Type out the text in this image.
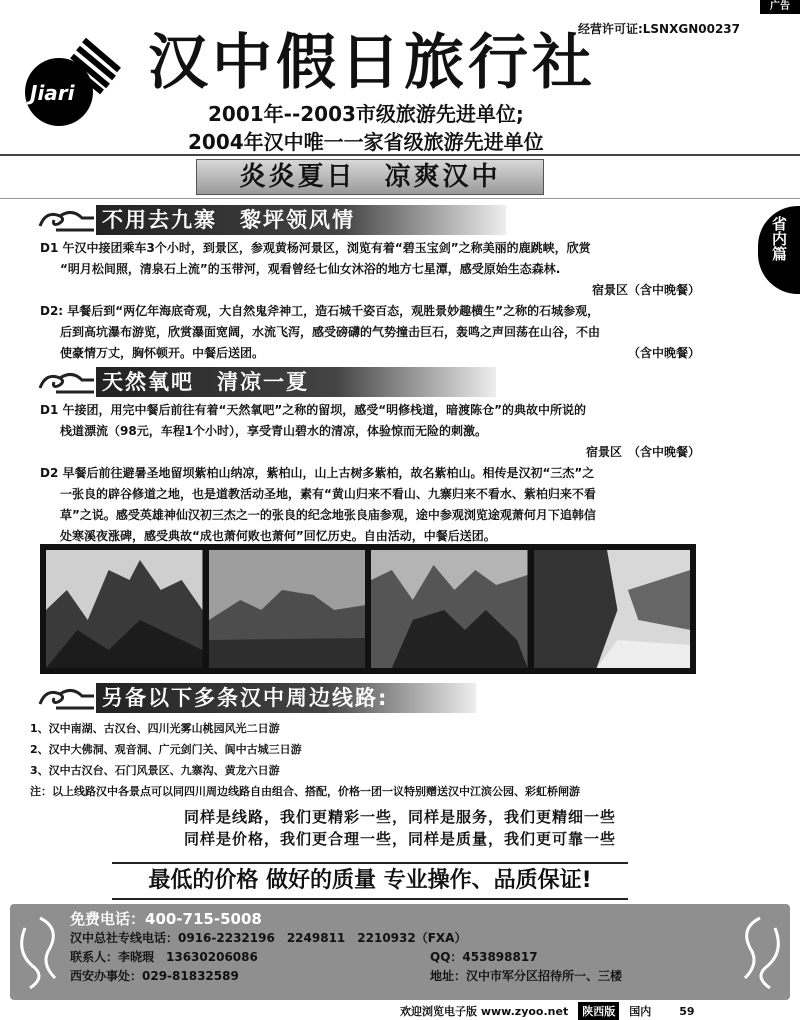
广告
经营许可证:LSNXGN00237
Jiari 汉中假日旅行社
2001年--2003市级旅游先进单位;
2004年汉中唯一一家省级旅游先进单位
炎炎夏日　凉爽汉中
省内篇
不用去九寨　黎坪领风情
D1 午汉中接团乘车3个小时，到景区，参观黄杨河景区，浏览有着“碧玉宝剑”之称美丽的鹿跳峡，欣赏
“明月松间照，清泉石上流”的玉带河，观看曾经七仙女沐浴的地方七星潭，感受原始生态森林.
宿景区（含中晚餐）
D2: 早餐后到“两亿年海底奇观，大自然鬼斧神工，造石城千姿百态，观胜景妙趣横生”之称的石城参观，
后到高坑瀑布游览，欣赏瀑面宽阔，水流飞泻，感受磅礴的气势撞击巨石，轰鸣之声回荡在山谷，不由
使豪情万丈，胸怀顿开。中餐后送团。	（含中晚餐）
天然氧吧　清凉一夏
D1 午接团，用完中餐后前往有着“天然氧吧”之称的留坝，感受“明修栈道，暗渡陈仓”的典故中所说的
栈道漂流（98元，车程1个小时），享受青山碧水的清凉，体验惊而无险的刺激。
宿景区　（含中晚餐）
D2 早餐后前往避暑圣地留坝紫柏山纳凉，紫柏山，山上古树多紫柏，故名紫柏山。相传是汉初“三杰”之
一张良的辟谷修道之地，也是道教活动圣地，素有“黄山归来不看山、九寨归来不看水、紫柏归来不看
草”之说。感受英雄神仙汉初三杰之一的张良的纪念地张良庙参观，途中参观浏览途观萧何月下追韩信
处寒溪夜涨碑，感受典故“成也萧何败也萧何”回忆历史。自由活动，中餐后送团。
另备以下多条汉中周边线路:
1、汉中南湖、古汉台、四川光雾山桃园风光二日游
2、汉中大佛洞、观音洞、广元剑门关、阆中古城三日游
3、汉中古汉台、石门风景区、九寨沟、黄龙六日游
注：以上线路汉中各景点可以同四川周边线路自由组合、搭配，价格一团一议特别赠送汉中江滨公园、彩虹桥闸游
同样是线路，我们更精彩一些，同样是服务，我们更精细一些
同样是价格，我们更合理一些，同样是质量，我们更可靠一些
最低的价格 做好的质量 专业操作、品质保证!
免费电话：400-715-5008
汉中总社专线电话：0916-2232196　2249811　2210932（FXA）
联系人：李晓瑕　13630206086	QQ：453898817
西安办事处：029-81832589	地址：汉中市军分区招待所一、三楼
欢迎浏览电子版 www.zyoo.net	陕西版	国内	59
